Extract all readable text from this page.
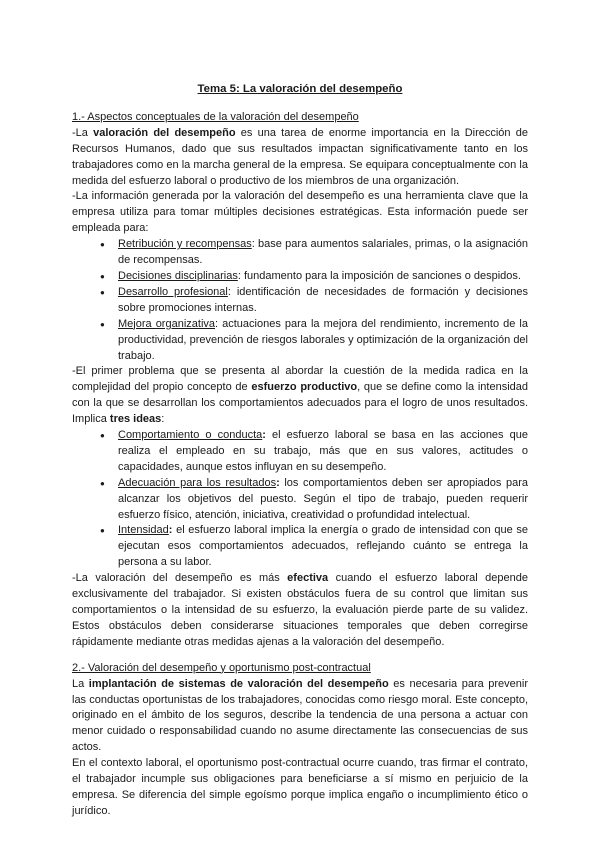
Tema 5: La valoración del desempeño
1.- Aspectos conceptuales de la valoración del desempeño

-La valoración del desempeño es una tarea de enorme importancia en la Dirección de Recursos Humanos, dado que sus resultados impactan significativamente tanto en los trabajadores como en la marcha general de la empresa. Se equipara conceptualmente con la medida del esfuerzo laboral o productivo de los miembros de una organización.

-La información generada por la valoración del desempeño es una herramienta clave que la empresa utiliza para tomar múltiples decisiones estratégicas. Esta información puede ser empleada para:

● Retribución y recompensas: base para aumentos salariales, primas, o la asignación de recompensas.
● Decisiones disciplinarias: fundamento para la imposición de sanciones o despidos.
● Desarrollo profesional: identificación de necesidades de formación y decisiones sobre promociones internas.
● Mejora organizativa: actuaciones para la mejora del rendimiento, incremento de la productividad, prevención de riesgos laborales y optimización de la organización del trabajo.

-El primer problema que se presenta al abordar la cuestión de la medida radica en la complejidad del propio concepto de esfuerzo productivo, que se define como la intensidad con la que se desarrollan los comportamientos adecuados para el logro de unos resultados. Implica tres ideas:

● Comportamiento o conducta: el esfuerzo laboral se basa en las acciones que realiza el empleado en su trabajo, más que en sus valores, actitudes o capacidades, aunque estos influyan en su desempeño.
● Adecuación para los resultados: los comportamientos deben ser apropiados para alcanzar los objetivos del puesto. Según el tipo de trabajo, pueden requerir esfuerzo físico, atención, iniciativa, creatividad o profundidad intelectual.
● Intensidad: el esfuerzo laboral implica la energía o grado de intensidad con que se ejecutan esos comportamientos adecuados, reflejando cuánto se entrega la persona a su labor.

-La valoración del desempeño es más efectiva cuando el esfuerzo laboral depende exclusivamente del trabajador. Si existen obstáculos fuera de su control que limitan sus comportamientos o la intensidad de su esfuerzo, la evaluación pierde parte de su validez. Estos obstáculos deben considerarse situaciones temporales que deben corregirse rápidamente mediante otras medidas ajenas a la valoración del desempeño.

2.- Valoración del desempeño y oportunismo post-contractual

La implantación de sistemas de valoración del desempeño es necesaria para prevenir las conductas oportunistas de los trabajadores, conocidas como riesgo moral. Este concepto, originado en el ámbito de los seguros, describe la tendencia de una persona a actuar con menor cuidado o responsabilidad cuando no asume directamente las consecuencias de sus actos.

En el contexto laboral, el oportunismo post-contractual ocurre cuando, tras firmar el contrato, el trabajador incumple sus obligaciones para beneficiarse a sí mismo en perjuicio de la empresa. Se diferencia del simple egoísmo porque implica engaño o incumplimiento ético o jurídico.
